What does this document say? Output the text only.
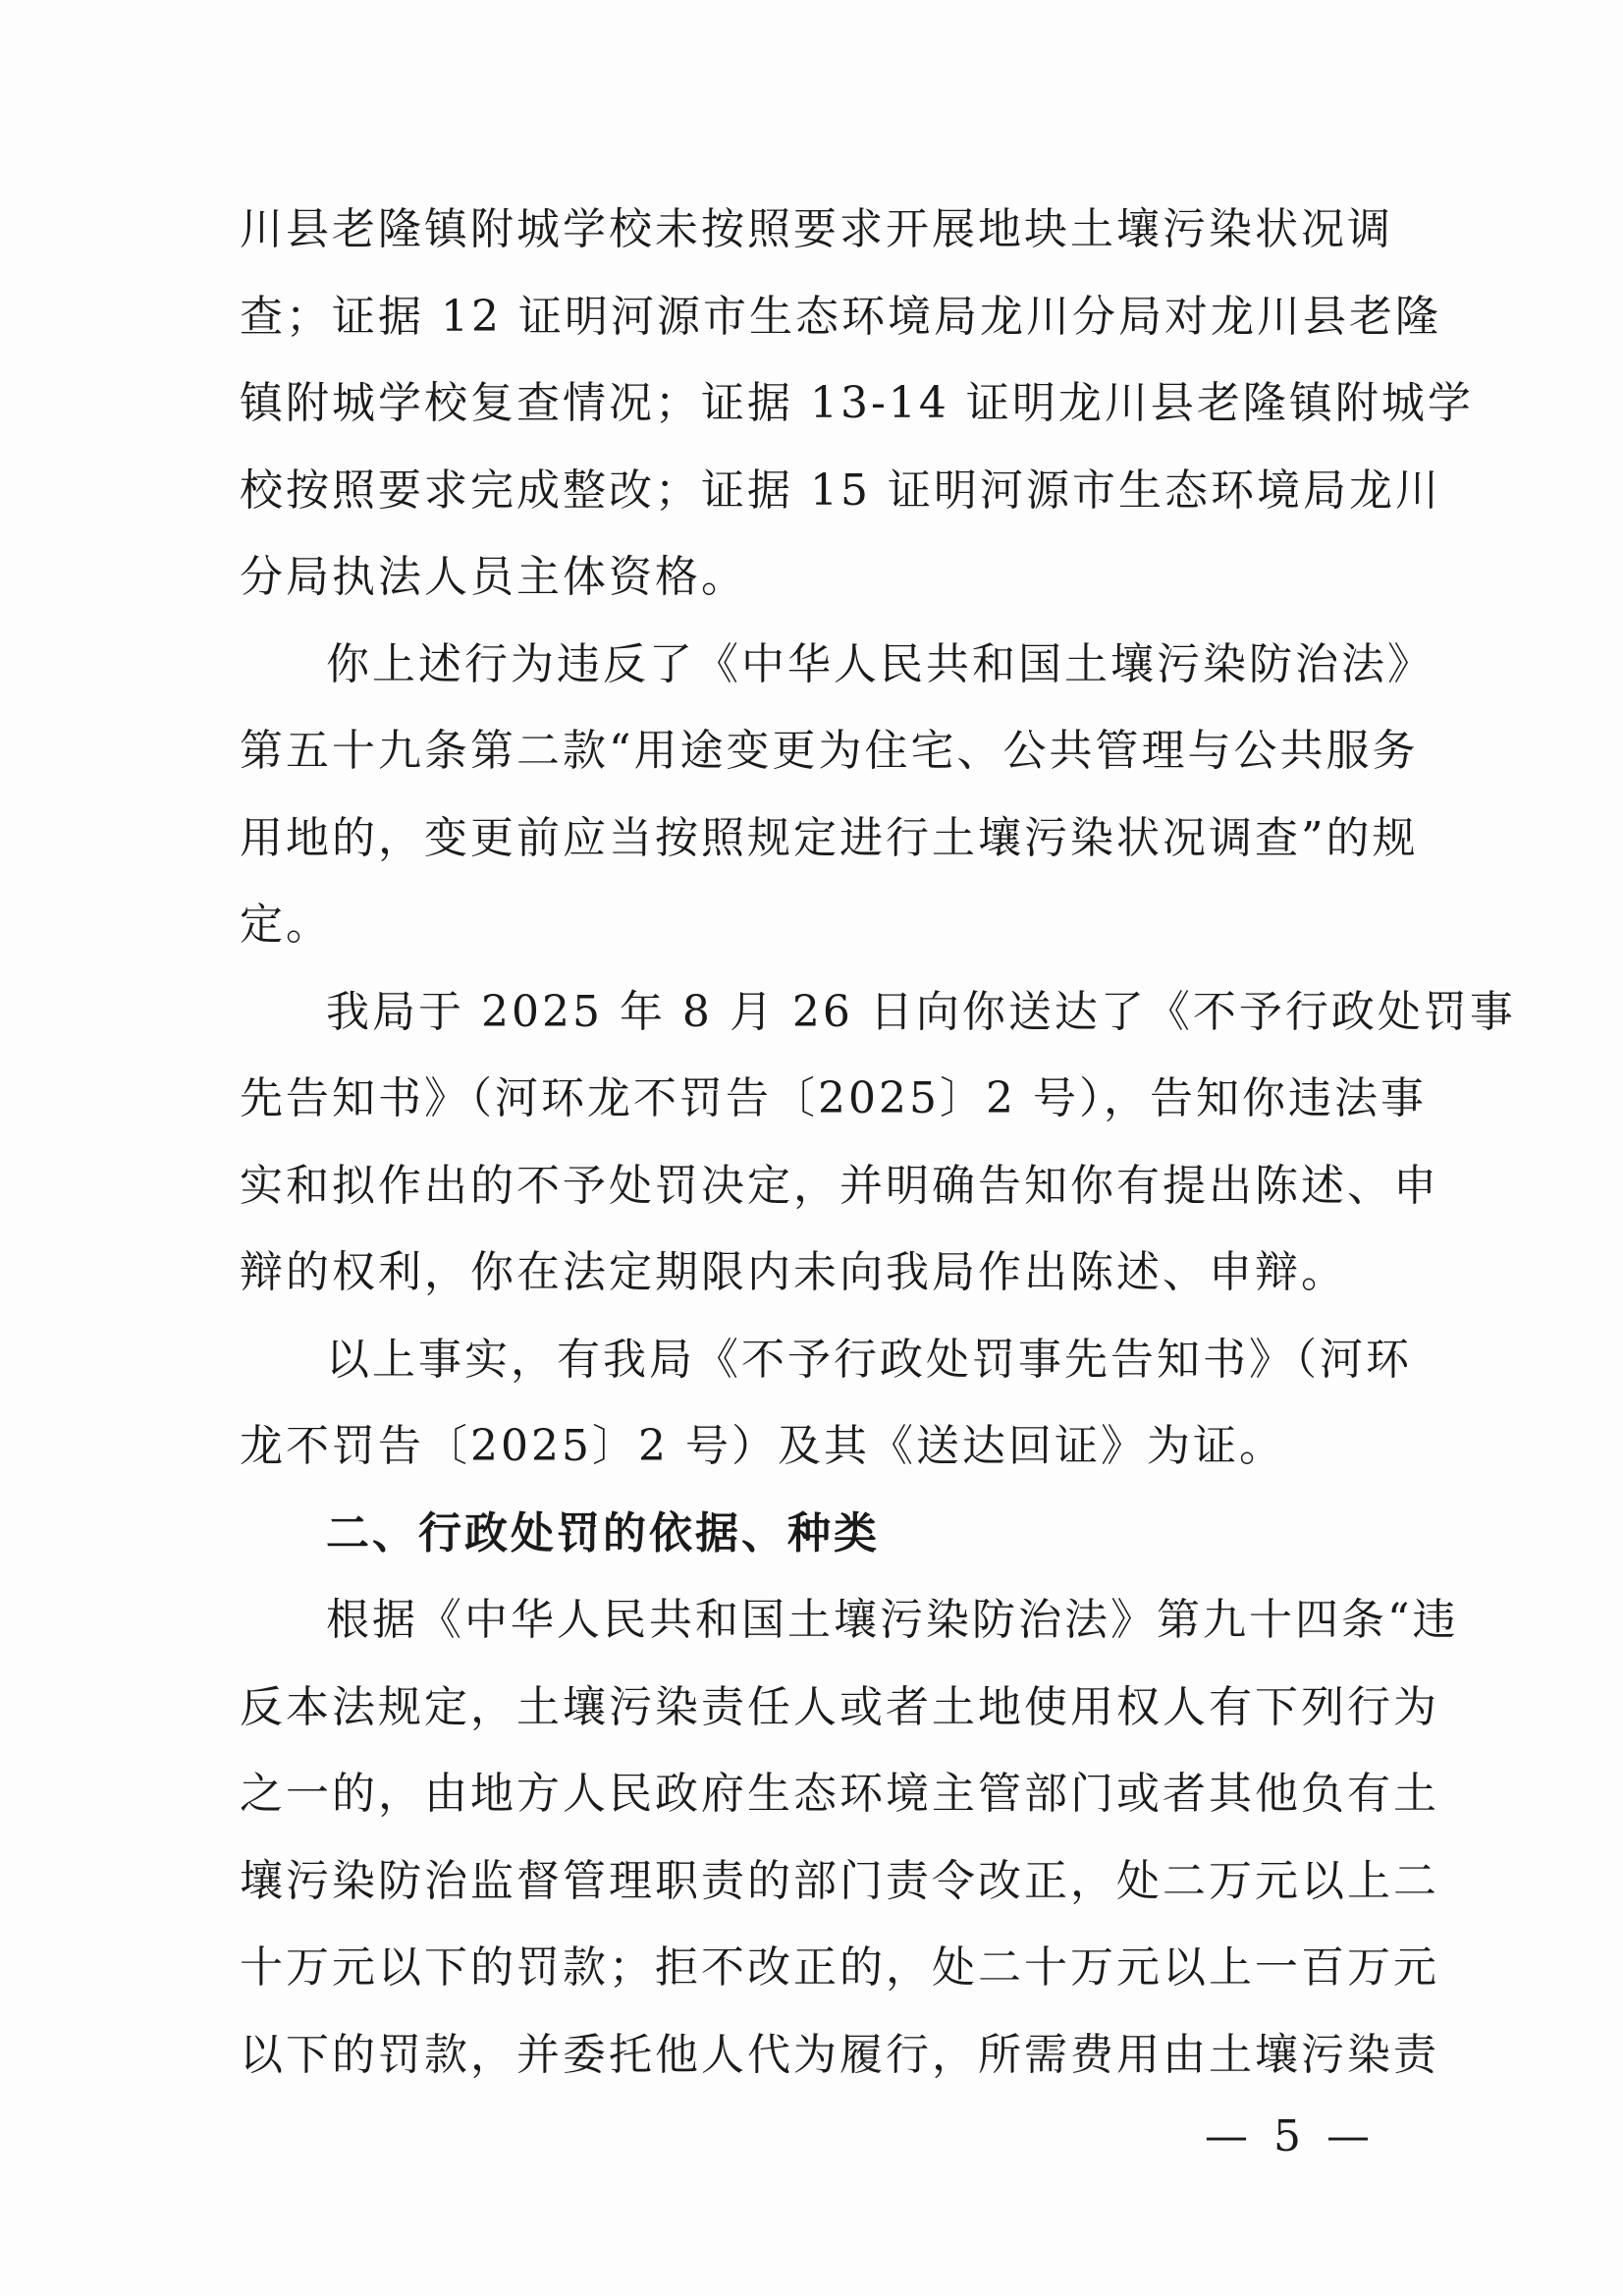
川县老隆镇附城学校未按照要求开展地块土壤污染状况调
查；证据 12 证明河源市生态环境局龙川分局对龙川县老隆
镇附城学校复查情况；证据 13-14 证明龙川县老隆镇附城学
校按照要求完成整改；证据 15 证明河源市生态环境局龙川
分局执法人员主体资格。
你上述行为违反了《中华人民共和国土壤污染防治法》
第五十九条第二款“用途变更为住宅、公共管理与公共服务
用地的，变更前应当按照规定进行土壤污染状况调查”的规
定。
我局于 2025 年 8 月 26 日向你送达了《不予行政处罚事
先告知书》（河环龙不罚告〔2025〕2 号），告知你违法事
实和拟作出的不予处罚决定，并明确告知你有提出陈述、申
辩的权利，你在法定期限内未向我局作出陈述、申辩。
以上事实，有我局《不予行政处罚事先告知书》（河环
龙不罚告〔2025〕2 号）及其《送达回证》为证。
二、行政处罚的依据、种类
根据《中华人民共和国土壤污染防治法》第九十四条“违
反本法规定，土壤污染责任人或者土地使用权人有下列行为
之一的，由地方人民政府生态环境主管部门或者其他负有土
壤污染防治监督管理职责的部门责令改正，处二万元以上二
十万元以下的罚款；拒不改正的，处二十万元以上一百万元
以下的罚款，并委托他人代为履行，所需费用由土壤污染责
— 5 —
